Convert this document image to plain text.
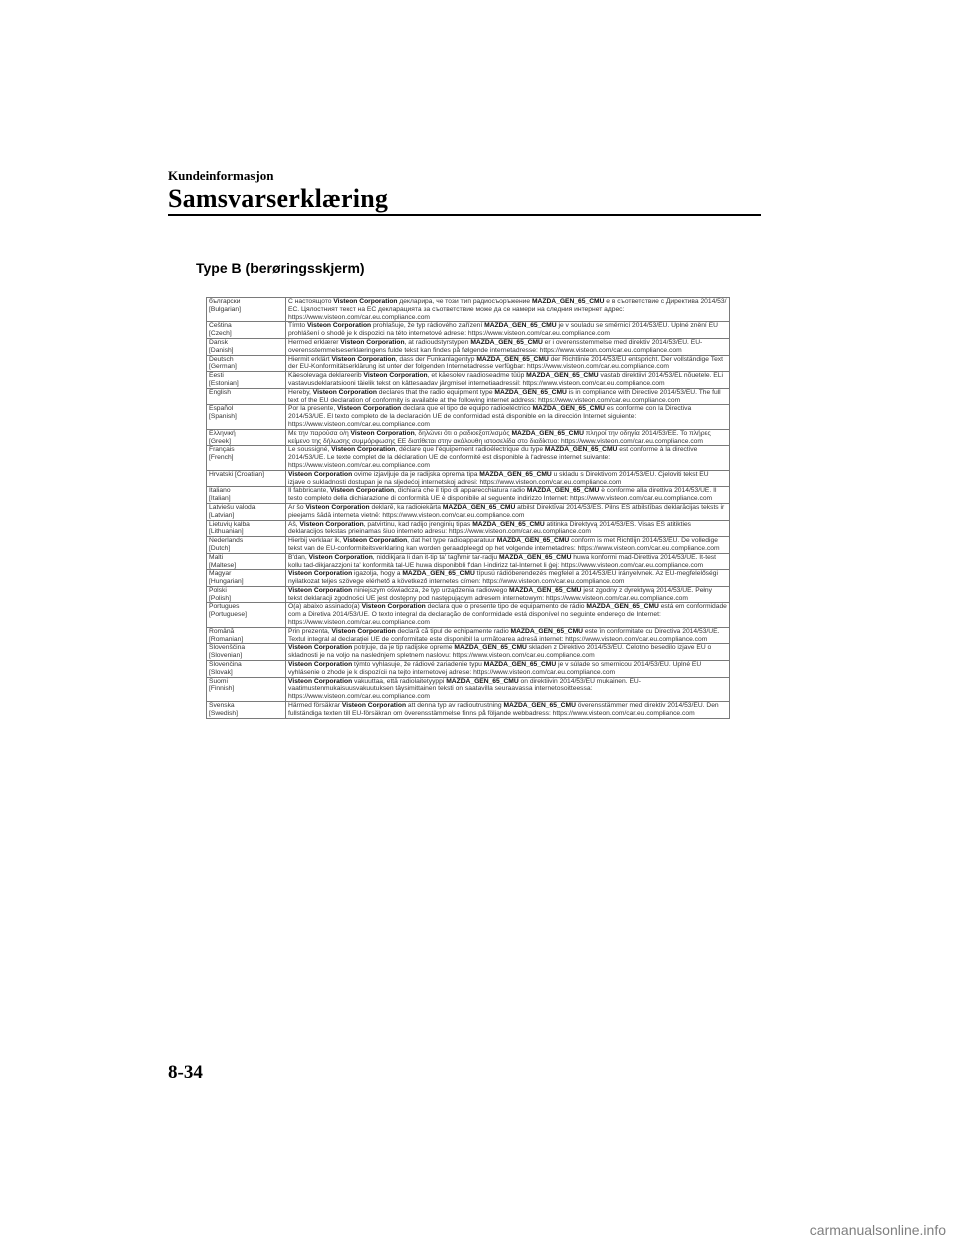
Kundeinformasjon
Samsvarserklæring
Type B (berøringsskjerm)
български
[Bulgarian]	С настоящото Visteon Corporation декларира, че този тип радиосъоръжение MAZDA_GEN_65_CMU е в съответствие с Директива 2014/53/ЕС. Цялостният текст на ЕС декларацията за съответствие може да се намери на следния интернет адрес: https://www.visteon.com/car.eu.compliance.com

Čeština
[Czech]	Tímto Visteon Corporation prohlašuje, že typ rádiového zařízení MAZDA_GEN_65_CMU je v souladu se směrnicí 2014/53/EU. Úplné znění EU prohlášení o shodě je k dispozici na této internetové adrese: https://www.visteon.com/car.eu.compliance.com

Dansk
[Danish]	Hermed erklærer Visteon Corporation, at radioudstyrstypen MAZDA_GEN_65_CMU er i overensstemmelse med direktiv 2014/53/EU. EU-overensstemmelseserklæringens fulde tekst kan findes på følgende internetadresse: https://www.visteon.com/car.eu.compliance.com

Deutsch
[German]	Hiermit erklärt Visteon Corporation, dass der Funkanlagentyp MAZDA_GEN_65_CMU der Richtlinie 2014/53/EU entspricht. Der vollständige Text der EU-Konformitätserklärung ist unter der folgenden Internetadresse verfügbar: https://www.visteon.com/car.eu.compliance.com

Eesti
[Estonian]	Käesolevaga deklareerib Visteon Corporation, et käesolev raadioseadme tüüp MAZDA_GEN_65_CMU vastab direktiivi 2014/53/EL nõuetele. ELi vastavusdeklaratsiooni täielik tekst on kättesaadav järgmisel internetiaadressil: https://www.visteon.com/car.eu.compliance.com

English	Hereby, Visteon Corporation declares that the radio equipment type MAZDA_GEN_65_CMU is in compliance with Directive 2014/53/EU. The full text of the EU declaration of conformity is available at the following internet address: https://www.visteon.com/car.eu.compliance.com

Español
[Spanish]	Por la presente, Visteon Corporation declara que el tipo de equipo radioeléctrico MAZDA_GEN_65_CMU es conforme con la Directiva 2014/53/UE. El texto completo de la declaración UE de conformidad está disponible en la dirección Internet siguiente: https://www.visteon.com/car.eu.compliance.com

Ελληνική
[Greek]	Με την παρούσα ο/η Visteon Corporation, δηλώνει ότι ο ραδιοεξοπλισμός MAZDA_GEN_65_CMU πληροί την οδηγία 2014/53/ΕΕ. Το πλήρες κείμενο της δήλωσης συμμόρφωσης ΕΕ διατίθεται στην ακόλουθη ιστοσελίδα στο διαδίκτυο: https://www.visteon.com/car.eu.compliance.com

Français
[French]	Le soussigné, Visteon Corporation, déclare que l'équipement radioélectrique du type MAZDA_GEN_65_CMU est conforme à la directive 2014/53/UE. Le texte complet de la déclaration UE de conformité est disponible à l'adresse internet suivante: https://www.visteon.com/car.eu.compliance.com

Hrvatski [Croatian]	Visteon Corporation ovime izjavljuje da je radijska oprema tipa MAZDA_GEN_65_CMU u skladu s Direktivom 2014/53/EU. Cjeloviti tekst EU izjave o sukladnosti dostupan je na sljedećoj internetskoj adresi: https://www.visteon.com/car.eu.compliance.com

Italiano
[Italian]	Il fabbricante, Visteon Corporation, dichiara che il tipo di apparecchiatura radio MAZDA_GEN_65_CMU è conforme alla direttiva 2014/53/UE. Il testo completo della dichiarazione di conformità UE è disponibile al seguente indirizzo Internet: https://www.visteon.com/car.eu.compliance.com

Latviešu valoda
[Latvian]	Ar šo Visteon Corporation deklarē, ka radioiekārta MAZDA_GEN_65_CMU atbilst Direktīvai 2014/53/ES. Pilns ES atbilstības deklarācijas teksts ir pieejams šādā interneta vietnē: https://www.visteon.com/car.eu.compliance.com

Lietuvių kalba
[Lithuanian]	Aš, Visteon Corporation, patvirtinu, kad radijo įrenginių tipas MAZDA_GEN_65_CMU atitinka Direktyvą 2014/53/ES. Visas ES atitikties deklaracijos tekstas prieinamas šiuo interneto adresu: https://www.visteon.com/car.eu.compliance.com

Nederlands
[Dutch]	Hierbij verklaar ik, Visteon Corporation, dat het type radioapparatuur MAZDA_GEN_65_CMU conform is met Richtlijn 2014/53/EU. De volledige tekst van de EU-conformiteitsverklaring kan worden geraadpleegd op het volgende internetadres: https://www.visteon.com/car.eu.compliance.com

Malti
[Maltese]	B'dan, Visteon Corporation, niddikjara li dan it-tip ta' tagħmir tar-radju MAZDA_GEN_65_CMU huwa konformi mad-Direttiva 2014/53/UE. It-test kollu tad-dikjarazzjoni ta' konformità tal-UE huwa disponibbli f'dan l-indirizz tal-Internet li ġej: https://www.visteon.com/car.eu.compliance.com

Magyar
[Hungarian]	Visteon Corporation igazolja, hogy a MAZDA_GEN_65_CMU típusú rádióberendezés megfelel a 2014/53/EU irányelvnek. Az EU-megfelelőségi nyilatkozat teljes szövege elérhető a következő internetes címen: https://www.visteon.com/car.eu.compliance.com

Polski
[Polish]	Visteon Corporation niniejszym oświadcza, że typ urządzenia radiowego MAZDA_GEN_65_CMU jest zgodny z dyrektywą 2014/53/UE. Pełny tekst deklaracji zgodności UE jest dostępny pod następującym adresem internetowym: https://www.visteon.com/car.eu.compliance.com

Portugues
[Portuguese]	O(a) abaixo assinado(a) Visteon Corporation declara que o presente tipo de equipamento de rádio MAZDA_GEN_65_CMU está em conformidade com a Diretiva 2014/53/UE. O texto integral da declaração de conformidade está disponível no seguinte endereço de Internet: https://www.visteon.com/car.eu.compliance.com

Română
[Romanian]	Prin prezenta, Visteon Corporation declară că tipul de echipamente radio MAZDA_GEN_65_CMU este în conformitate cu Directiva 2014/53/UE. Textul integral al declarației UE de conformitate este disponibil la următoarea adresă internet: https://www.visteon.com/car.eu.compliance.com

Slovenščina
[Slovenian]	Visteon Corporation potrjuje, da je tip radijske opreme MAZDA_GEN_65_CMU skladen z Direktivo 2014/53/EU. Celotno besedilo izjave EU o skladnosti je na voljo na naslednjem spletnem naslovu: https://www.visteon.com/car.eu.compliance.com

Slovenčina
[Slovak]	Visteon Corporation týmto vyhlasuje, že rádiové zariadenie typu MAZDA_GEN_65_CMU je v súlade so smernicou 2014/53/EÚ. Úplné EÚ vyhlásenie o zhode je k dispozícii na tejto internetovej adrese: https://www.visteon.com/car.eu.compliance.com

Suomi
[Finnish]	Visteon Corporation vakuuttaa, että radiolaitetyyppi MAZDA_GEN_65_CMU on direktiivin 2014/53/EU mukainen. EU-vaatimustenmukaisuusvakuutuksen täysimittainen teksti on saatavilla seuraavassa internetosoitteessa: https://www.visteon.com/car.eu.compliance.com

Svenska
[Swedish]	Härmed försäkrar Visteon Corporation att denna typ av radioutrustning MAZDA_GEN_65_CMU överensstämmer med direktiv 2014/53/EU. Den fullständiga texten till EU-försäkran om överensstämmelse finns på följande webbadress: https://www.visteon.com/car.eu.compliance.com
8-34
carmanualsonline.info
